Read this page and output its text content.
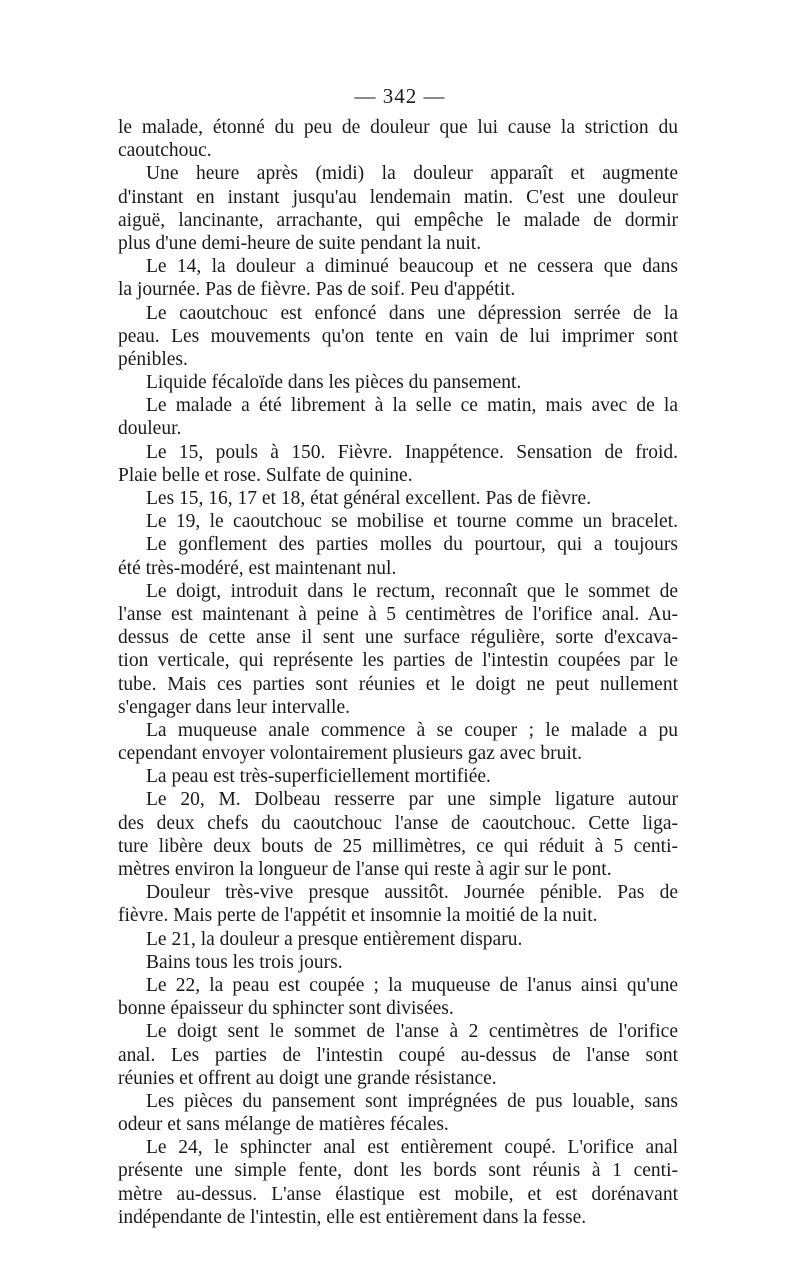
— 342 —
le malade, étonné du peu de douleur que lui cause la striction du
caoutchouc.
Une heure après (midi) la douleur apparaît et augmente
d'instant en instant jusqu'au lendemain matin. C'est une douleur
aiguë, lancinante, arrachante, qui empêche le malade de dormir
plus d'une demi-heure de suite pendant la nuit.
Le 14, la douleur a diminué beaucoup et ne cessera que dans
la journée. Pas de fièvre. Pas de soif. Peu d'appétit.
Le caoutchouc est enfoncé dans une dépression serrée de la
peau. Les mouvements qu'on tente en vain de lui imprimer sont
pénibles.
Liquide fécaloïde dans les pièces du pansement.
Le malade a été librement à la selle ce matin, mais avec de la
douleur.
Le 15, pouls à 150. Fièvre. Inappétence. Sensation de froid.
Plaie belle et rose. Sulfate de quinine.
Les 15, 16, 17 et 18, état général excellent. Pas de fièvre.
Le 19, le caoutchouc se mobilise et tourne comme un bracelet.
Le gonflement des parties molles du pourtour, qui a toujours
été très-modéré, est maintenant nul.
Le doigt, introduit dans le rectum, reconnaît que le sommet de
l'anse est maintenant à peine à 5 centimètres de l'orifice anal. Au-
dessus de cette anse il sent une surface régulière, sorte d'excava-
tion verticale, qui représente les parties de l'intestin coupées par le
tube. Mais ces parties sont réunies et le doigt ne peut nullement
s'engager dans leur intervalle.
La muqueuse anale commence à se couper ; le malade a pu
cependant envoyer volontairement plusieurs gaz avec bruit.
La peau est très-superficiellement mortifiée.
Le 20, M. Dolbeau resserre par une simple ligature autour
des deux chefs du caoutchouc l'anse de caoutchouc. Cette liga-
ture libère deux bouts de 25 millimètres, ce qui réduit à 5 centi-
mètres environ la longueur de l'anse qui reste à agir sur le pont.
Douleur très-vive presque aussitôt. Journée pénible. Pas de
fièvre. Mais perte de l'appétit et insomnie la moitié de la nuit.
Le 21, la douleur a presque entièrement disparu.
Bains tous les trois jours.
Le 22, la peau est coupée ; la muqueuse de l'anus ainsi qu'une
bonne épaisseur du sphincter sont divisées.
Le doigt sent le sommet de l'anse à 2 centimètres de l'orifice
anal. Les parties de l'intestin coupé au-dessus de l'anse sont
réunies et offrent au doigt une grande résistance.
Les pièces du pansement sont imprégnées de pus louable, sans
odeur et sans mélange de matières fécales.
Le 24, le sphincter anal est entièrement coupé. L'orifice anal
présente une simple fente, dont les bords sont réunis à 1 centi-
mètre au-dessus. L'anse élastique est mobile, et est dorénavant
indépendante de l'intestin, elle est entièrement dans la fesse.
